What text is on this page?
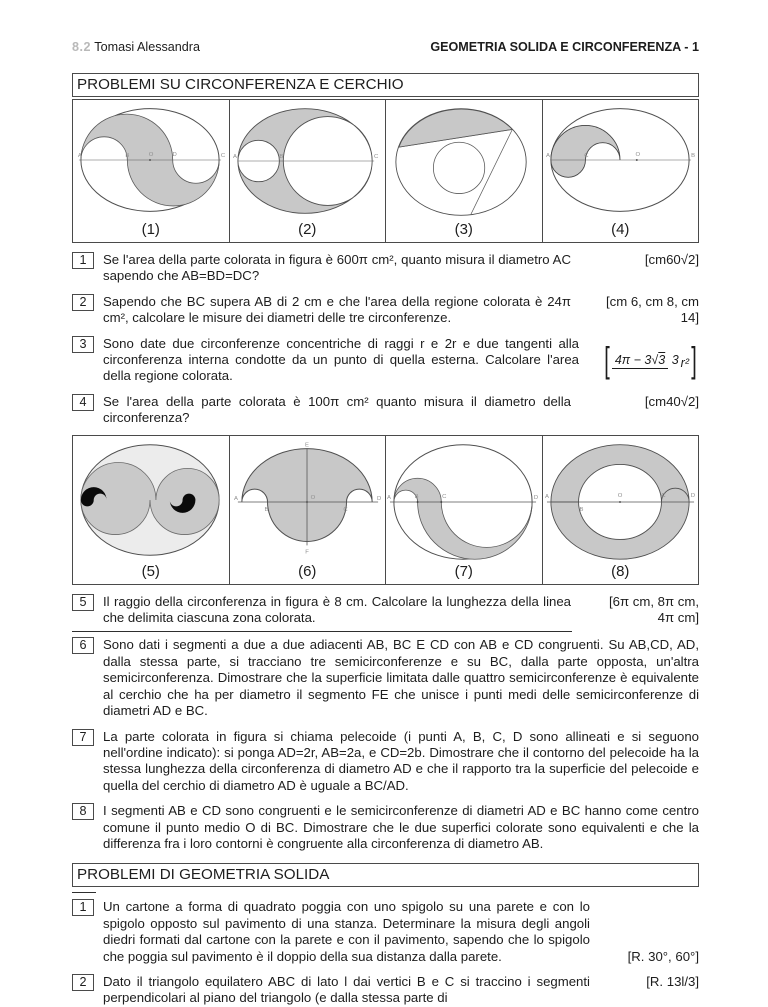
8.2 Tomasi Alessandra	GEOMETRIA SOLIDA E CIRCONFERENZA - 1
PROBLEMI SU CIRCONFERENZA E CERCHIO
A	B	O	D	C
(1)
A	B	C
(2)	(3)
A	C	O	B
(4)
1	Se l'area della parte colorata in figura è 600π cm², quanto misura il diametro AC sapendo che AB=BD=DC?
[cm60√2]
2	Sapendo che BC supera AB di 2 cm e che l'area della regione colorata è 24π cm², calcolare le misure dei diametri delle tre circonferenze.
[cm 6, cm 8, cm
14]
3	Sono date due circonferenze concentriche di raggi r e 2r e due tangenti alla circonferenza interna condotte da un punto di quella esterna. Calcolare l'area della regione colorata.	[ 4π − 3√3 3 r² ]
4	Se l'area della parte colorata è 100π cm² quanto misura il diametro della circonferenza?
[cm40√2]
(5)
A
B
O
C
D
E
F
(6)
A	B	C	D
(7)
A
B
O	C	D
(8)
5	Il raggio della circonferenza in figura è 8 cm. Calcolare la lunghezza della linea che delimita ciascuna zona colorata.
[6π cm, 8π cm,
4π cm]
6	Sono dati i segmenti a due a due adiacenti AB, BC E CD con AB e CD congruenti. Su AB,CD, AD, dalla stessa parte, si tracciano tre semicirconferenze e su BC, dalla parte opposta, un'altra semicirconferenza. Dimostrare che la superficie limitata dalle quattro semicirconferenze è equivalente al cerchio che ha per diametro il segmento FE che unisce i punti medi delle semicirconferenze di diametri AD e BC.
7	La parte colorata in figura si chiama pelecoide (i punti A, B, C, D sono allineati e si seguono nell'ordine indicato): si ponga AD=2r, AB=2a, e CD=2b. Dimostrare che il contorno del pelecoide ha la stessa lunghezza della circonferenza di diametro AD e che il rapporto tra la superficie del pelecoide e quella del cerchio di diametro AD è uguale a BC/AD.
8	I segmenti AB e CD sono congruenti e le semicirconferenze di diametri AD e BC hanno come centro comune il punto medio O di BC. Dimostrare che le due superfici colorate sono equivalenti e che la differenza fra i loro contorni è congruente alla circonferenza di diametro AB.
PROBLEMI DI GEOMETRIA SOLIDA
1	Un cartone a forma di quadrato poggia con uno spigolo su una parete e con lo spigolo opposto sul pavimento di una stanza. Determinare la misura degli angoli diedri formati dal cartone con la parete e con il pavimento, sapendo che lo spigolo che poggia sul pavimento è il doppio della sua distanza dalla parete.	[R. 30°, 60°]
2	Dato il triangolo equilatero ABC di lato l dai vertici B e C si traccino i segmenti perpendicolari al piano del triangolo (e dalla stessa parte di
[R. 13l/3]
